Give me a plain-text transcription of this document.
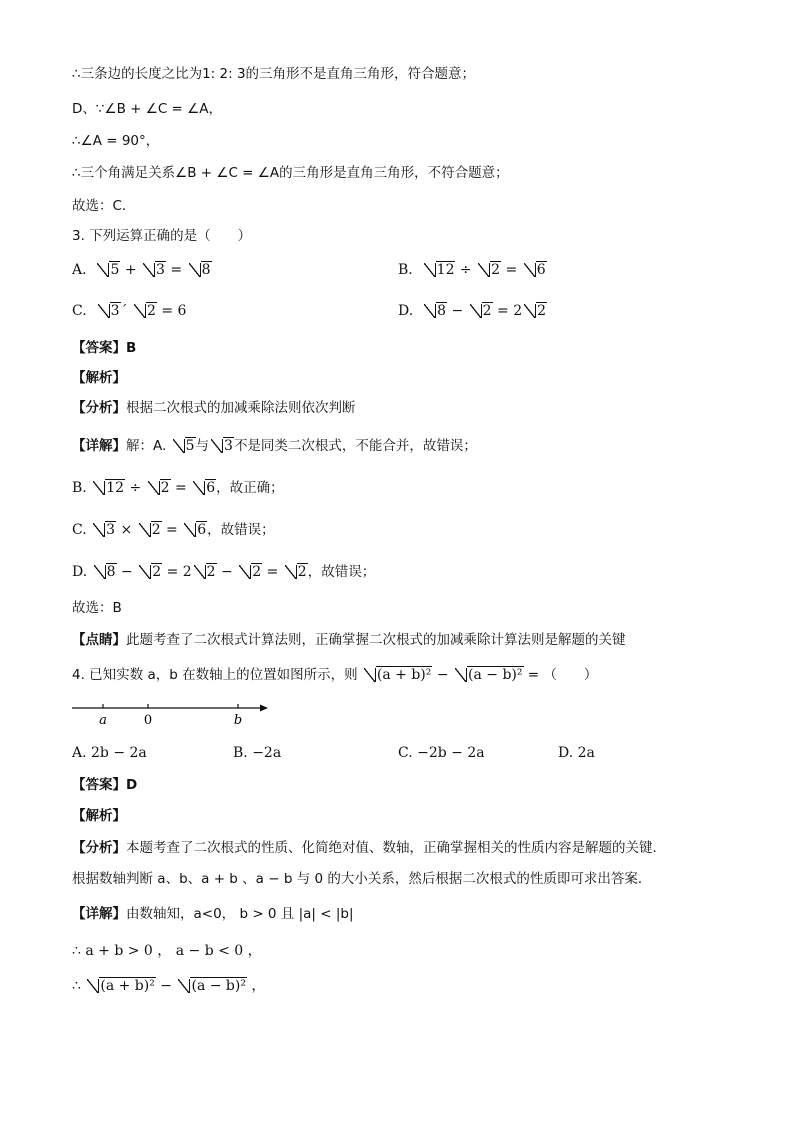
∴三条边的长度之比为1: 2: 3的三角形不是直角三角形，符合题意；
D、∵∠B + ∠C = ∠A，
∴∠A = 90°，
∴三个角满足关系∠B + ∠C = ∠A的三角形是直角三角形，不符合题意；
故选：C．
3. 下列运算正确的是（　　）
A. 5 + 3 = 8	B. 12 ÷ 2 = 6
C. 3´ 2 = 6	D. 8 − 2 = 2 2
【答案】B
【解析】
【分析】根据二次根式的加减乘除法则依次判断
【详解】解：A. 5与 3不是同类二次根式，不能合并，故错误；
B. 12 ÷ 2 = 6，故正确；
C. 3 × 2 = 6，故错误；
D. 8 − 2 = 2 2 − 2 = 2，故错误；
故选：B
【点睛】此题考查了二次根式计算法则，正确掌握二次根式的加减乘除计算法则是解题的关键
4. 已知实数 a，b 在数轴上的位置如图所示，则 (a + b)² − (a − b)² = （　　）
a	0	b
A. 2b − 2a	B. −2a	C. −2b − 2a	D. 2a
【答案】D
【解析】
【分析】本题考查了二次根式的性质、化简绝对值、数轴，正确掌握相关的性质内容是解题的关键．
根据数轴判断 a、b、a + b 、a − b 与 0 的大小关系，然后根据二次根式的性质即可求出答案．
【详解】由数轴知，a<0， b > 0 且 |a| < |b|
∴ a + b > 0 ， a − b < 0 ，
∴ (a + b)² − (a − b)² ，
